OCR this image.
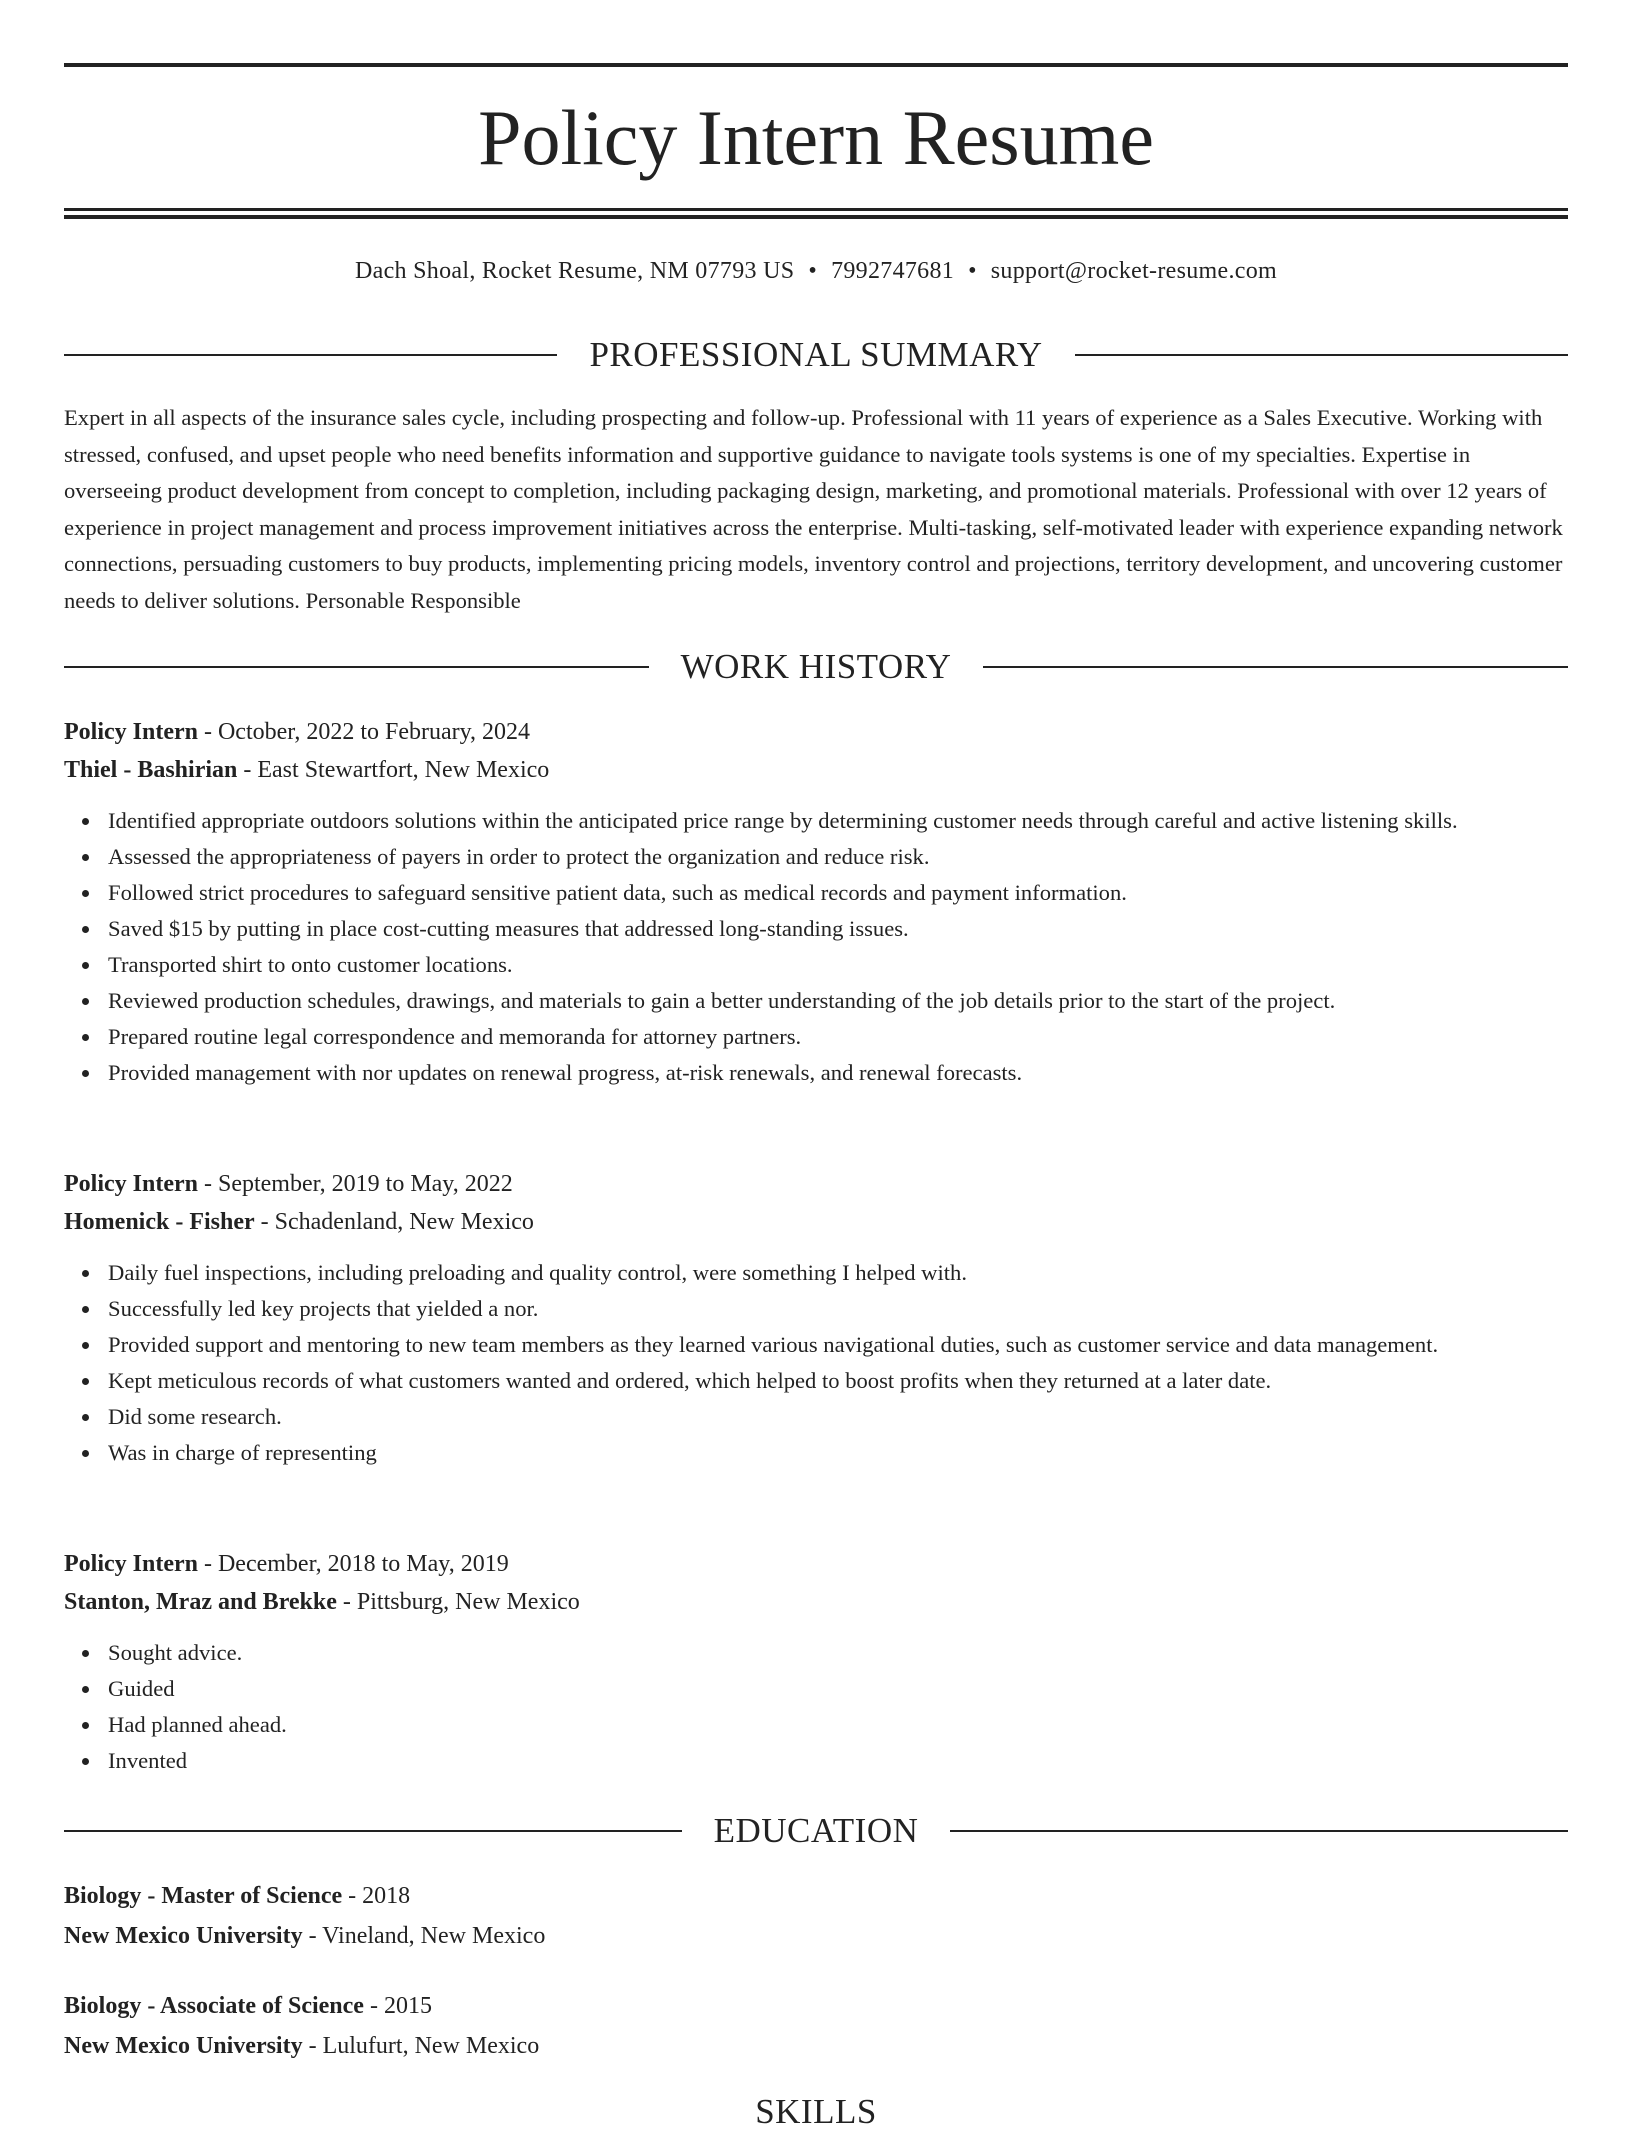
Policy Intern Resume
Dach Shoal, Rocket Resume, NM 07793 US • 7992747681 • support@rocket-resume.com
PROFESSIONAL SUMMARY

Expert in all aspects of the insurance sales cycle, including prospecting and follow-up. Professional with 11 years of experience as a Sales Executive. Working with stressed, confused, and upset people who need benefits information and supportive guidance to navigate tools systems is one of my specialties. Expertise in overseeing product development from concept to completion, including packaging design, marketing, and promotional materials. Professional with over 12 years of experience in project management and process improvement initiatives across the enterprise. Multi-tasking, self-motivated leader with experience expanding network connections, persuading customers to buy products, implementing pricing models, inventory control and projections, territory development, and uncovering customer needs to deliver solutions. Personable Responsible

WORK HISTORY

Policy Intern - October, 2022 to February, 2024

Thiel - Bashirian - East Stewartfort, New Mexico

Identified appropriate outdoors solutions within the anticipated price range by determining customer needs through careful and active listening skills.
Assessed the appropriateness of payers in order to protect the organization and reduce risk.
Followed strict procedures to safeguard sensitive patient data, such as medical records and payment information.
Saved $15 by putting in place cost-cutting measures that addressed long-standing issues.
Transported shirt to onto customer locations.
Reviewed production schedules, drawings, and materials to gain a better understanding of the job details prior to the start of the project.
Prepared routine legal correspondence and memoranda for attorney partners.
Provided management with nor updates on renewal progress, at-risk renewals, and renewal forecasts.

Policy Intern - September, 2019 to May, 2022

Homenick - Fisher - Schadenland, New Mexico

Daily fuel inspections, including preloading and quality control, were something I helped with.
Successfully led key projects that yielded a nor.
Provided support and mentoring to new team members as they learned various navigational duties, such as customer service and data management.
Kept meticulous records of what customers wanted and ordered, which helped to boost profits when they returned at a later date.
Did some research.
Was in charge of representing

Policy Intern - December, 2018 to May, 2019

Stanton, Mraz and Brekke - Pittsburg, New Mexico

Sought advice.
Guided
Had planned ahead.
Invented
EDUCATION

Biology - Master of Science - 2018

New Mexico University - Vineland, New Mexico

Biology - Associate of Science - 2015

New Mexico University - Lulufurt, New Mexico

SKILLS
